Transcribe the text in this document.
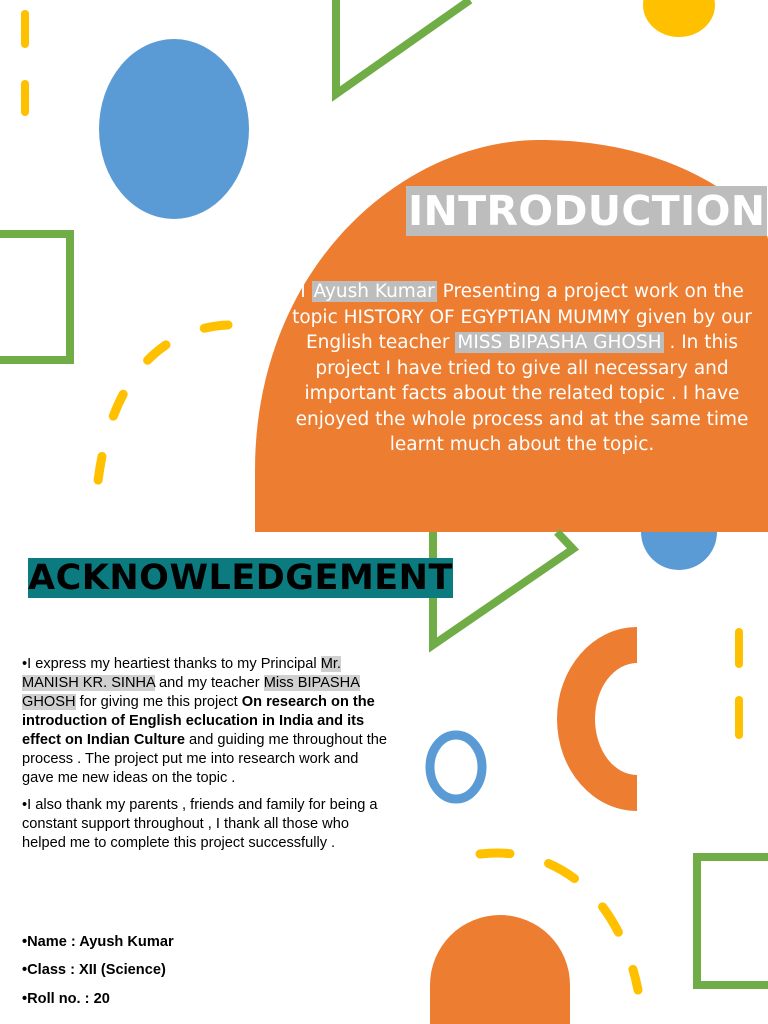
INTRODUCTION

I Ayush Kumar Presenting a project work on the topic HISTORY OF EGYPTIAN MUMMY given by our English teacher MISS BIPASHA GHOSH . In this project I have tried to give all necessary and important facts about the related topic . I have enjoyed the whole process and at the same time learnt much about the topic.

ACKNOWLEDGEMENT

•I express my heartiest thanks to my Principal Mr. MANISH KR. SINHA and my teacher Miss BIPASHA GHOSH for giving me this project On research on the introduction of English eclucation in India and its effect on Indian Culture and guiding me throughout the process . The project put me into research work and gave me new ideas on the topic .

•I also thank my parents , friends and family for being a constant support throughout , I thank all those who helped me to complete this project successfully .

•Name : Ayush Kumar

•Class : XII (Science)

•Roll no. : 20
